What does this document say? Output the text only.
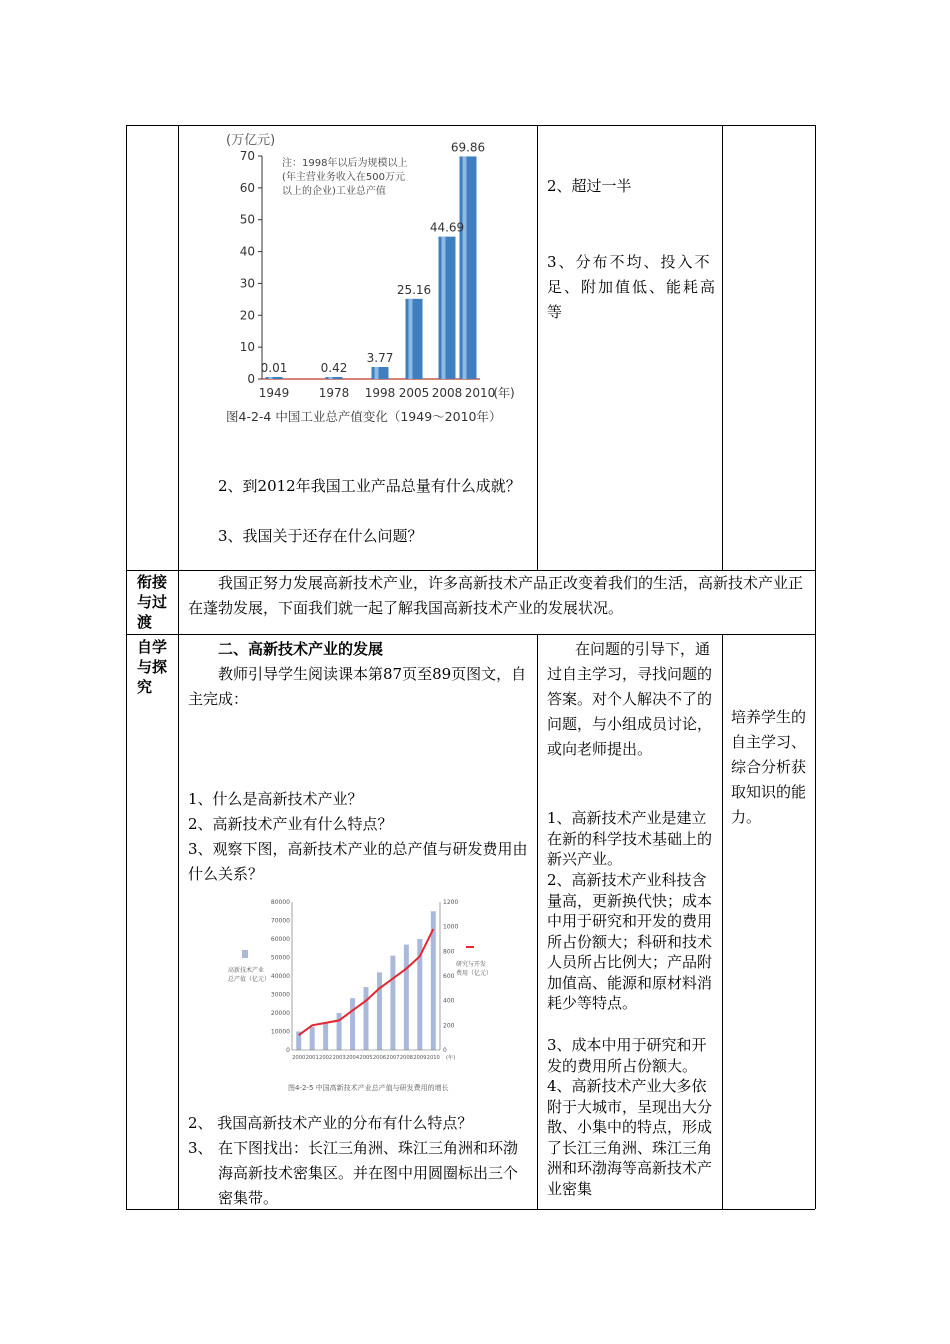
0
10
20
30
40
50
60
70
0.01	0.42
3.77
25.16
44.69
69.86
1949 1978 1998 2005 2008 2010
(年)
(万亿元)
注：1998年以后为规模以上
(年主营业务收入在500万元
以上的企业)工业总产值
图4-2-4 中国工业总产值变化（1949～2010年）
2、到2012年我国工业产品总量有什么成就？
3、我国关于还存在什么问题？
2、超过一半
3、分布不均、投入不足、附加值低、能耗高等
衔接与过渡
我国正努力发展高新技术产业，许多高新技术产品正改变着我们的生活，高新技术产业正在蓬勃发展，下面我们就一起了解我国高新技术产业的发展状况。
自学与探究
二、高新技术产业的发展
教师引导学生阅读课本第87页至89页图文，自主完成：
1、什么是高新技术产业？
2、高新技术产业有什么特点？
3、观察下图，高新技术产业的总产值与研发费用由什么关系？
0
10000
20000
30000
40000
50000
60000
70000
80000
0
200
400
600
800
1000
1200
2000 2001 2002 2003 2004 2005 2006 2007 2008 2009 2010 (年)
高新技术产业
总产值（亿元）
研究与开发
费用（亿元）
图4-2-5 中国高新技术产业总产值与研发费用的增长
2、 我国高新技术产业的分布有什么特点？
3、 在下图找出：长江三角洲、珠江三角洲和环渤海高新技术密集区。并在图中用圆圈标出三个密集带。
在问题的引导下，通过自主学习，寻找问题的答案。对个人解决不了的问题，与小组成员讨论，或向老师提出。
1、高新技术产业是建立在新的科学技术基础上的新兴产业。
2、高新技术产业科技含量高，更新换代快；成本中用于研究和开发的费用所占份额大；科研和技术人员所占比例大；产品附加值高、能源和原材料消耗少等特点。
3、成本中用于研究和开发的费用所占份额大。4、高新技术产业大多依附于大城市，呈现出大分散、小集中的特点，形成了长江三角洲、珠江三角洲和环渤海等高新技术产业密集
培养学生的自主学习、综合分析获取知识的能力。
